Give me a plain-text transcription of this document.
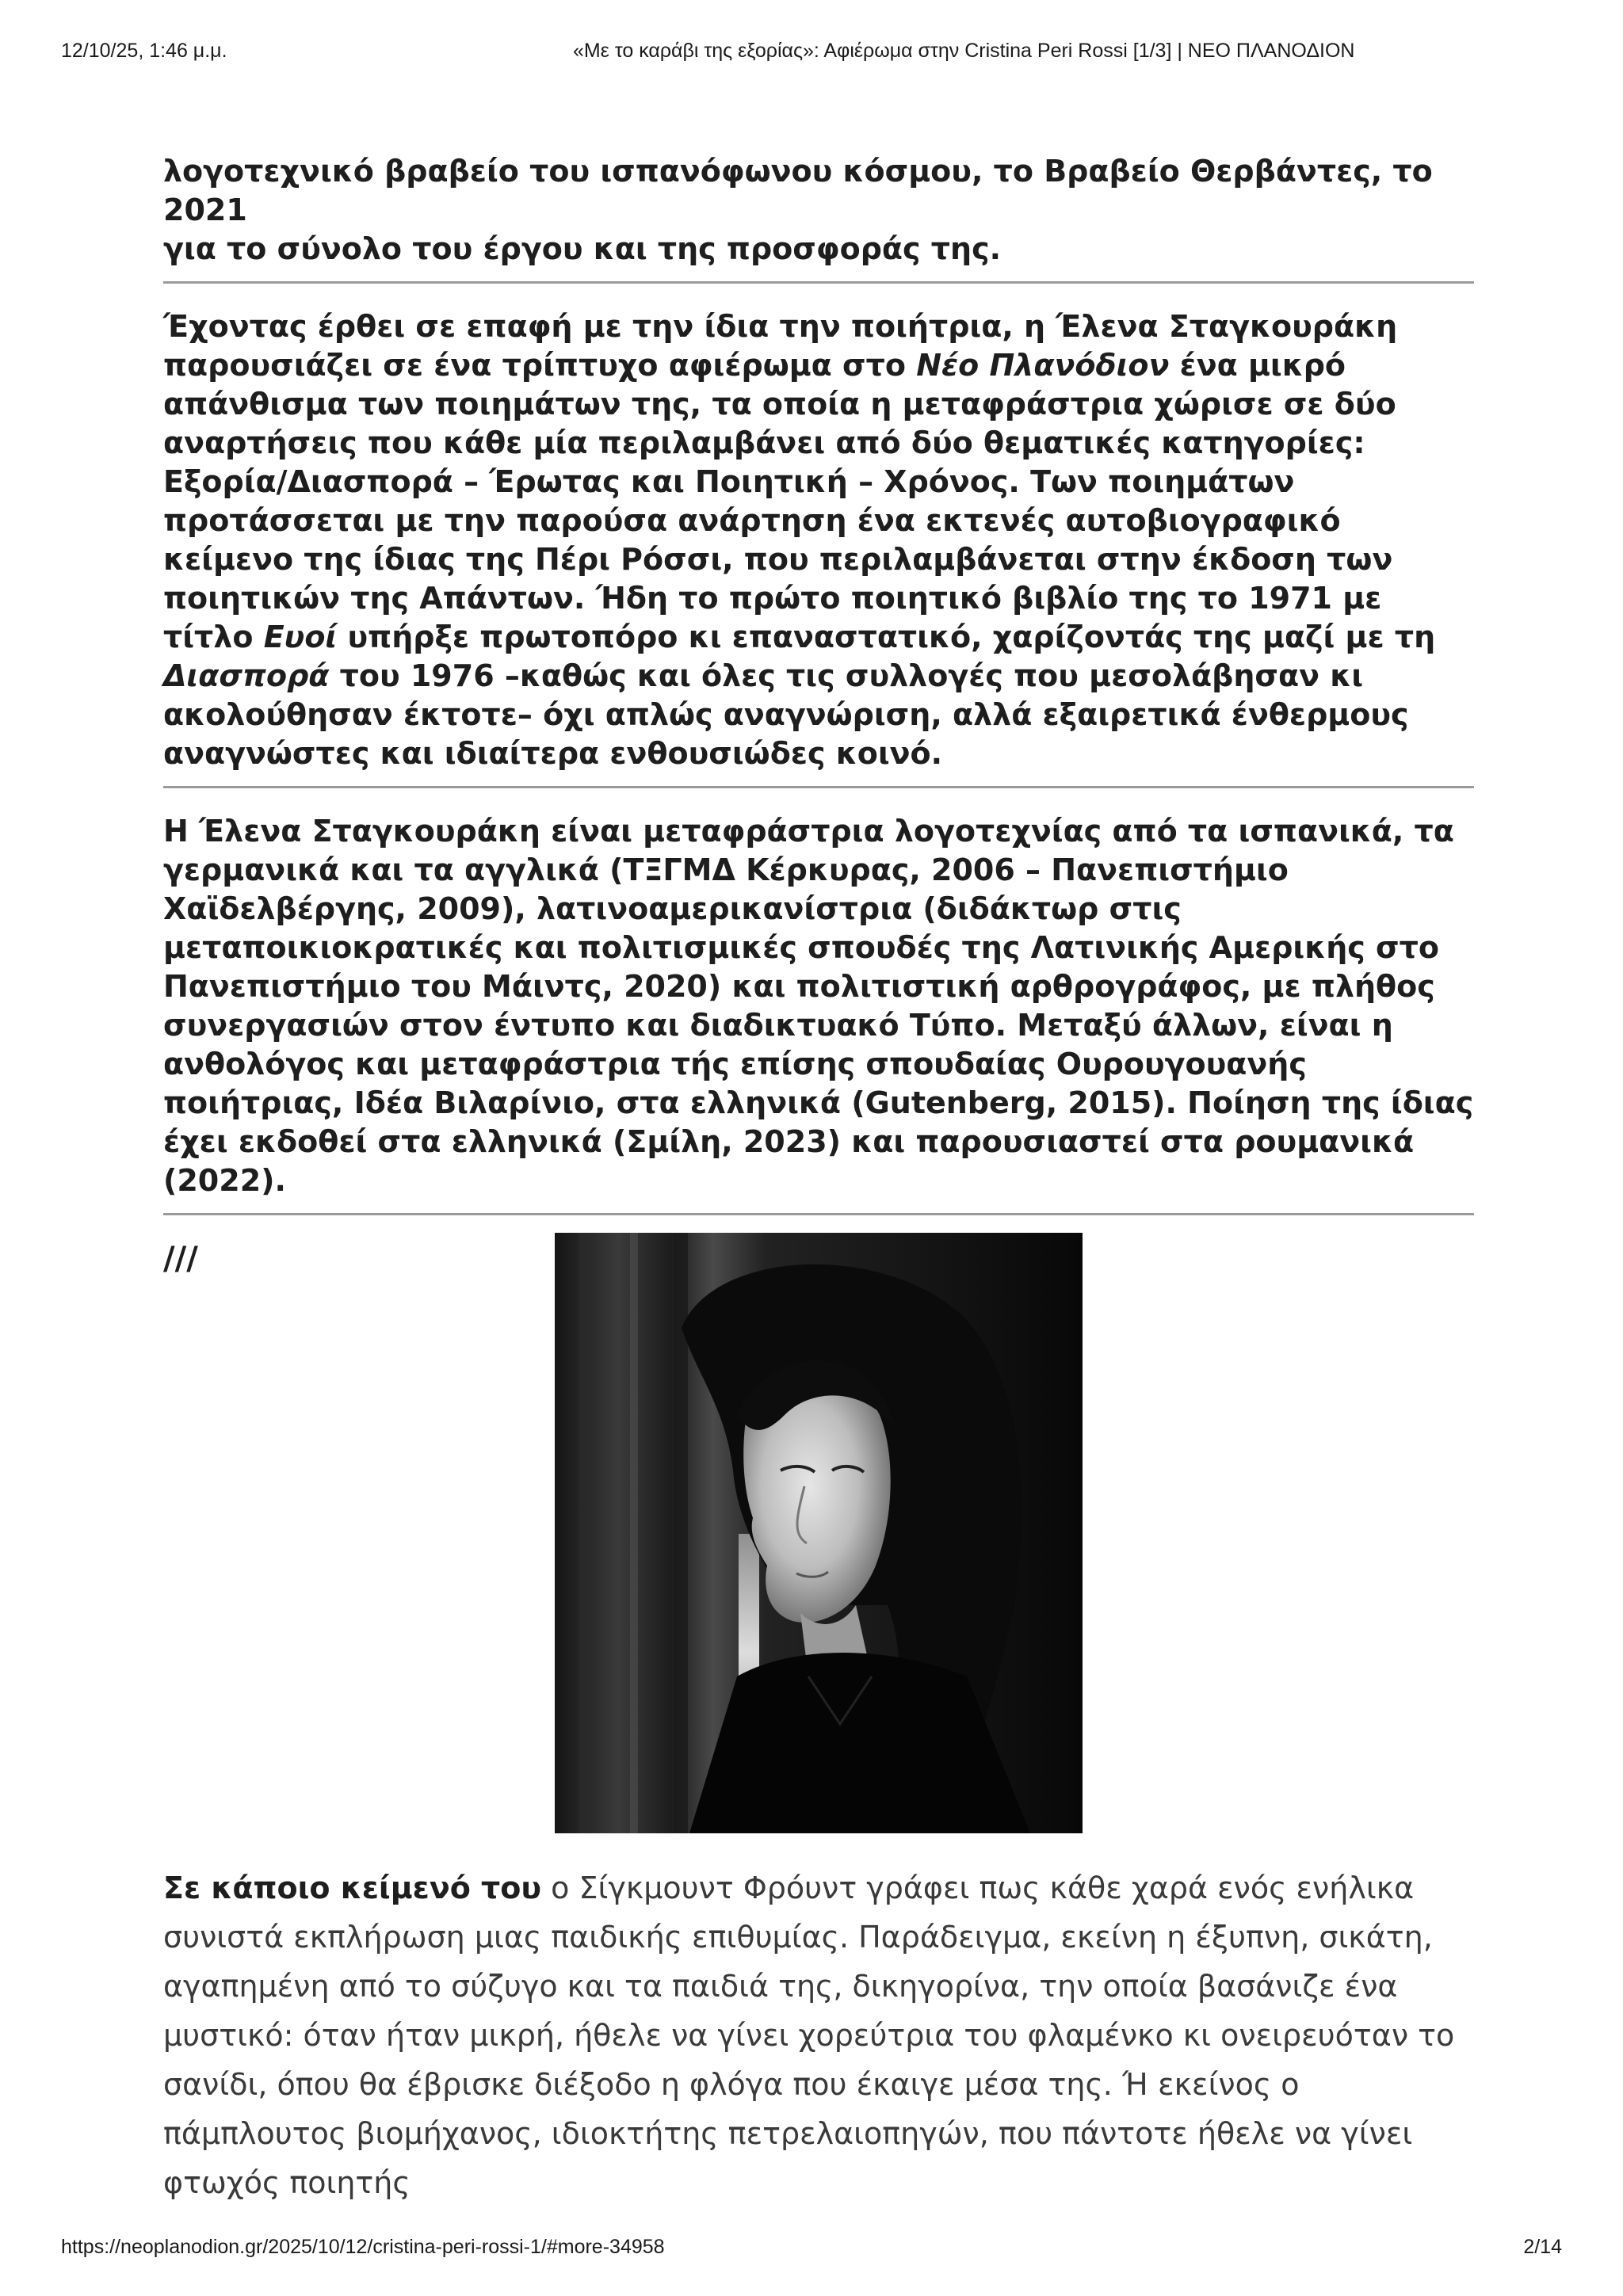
12/10/25, 1:46 μ.μ.	«Με το καράβι της εξορίας»: Αφιέρωμα στην Cristina Peri Rossi [1/3] | ΝΕΟ ΠΛΑΝΟΔΙΟΝ

λογοτεχνικό βραβείο του ισπανόφωνου κόσμου, το Βραβείο Θερβάντες, το 2021
για το σύνολο του έργου και της προσφοράς της.

Έχοντας έρθει σε επαφή με την ίδια την ποιήτρια, η Έλενα Σταγκουράκη παρουσιάζει σε ένα τρίπτυχο αφιέρωμα στο Νέο Πλανόδιον ένα μικρό απάνθισμα των ποιημάτων της, τα οποία η μεταφράστρια χώρισε σε δύο αναρτήσεις που κάθε μία περιλαμβάνει από δύο θεματικές κατηγορίες: Εξορία/Διασπορά – Έρωτας και Ποιητική – Χρόνος. Των ποιημάτων προτάσσεται με την παρούσα ανάρτηση ένα εκτενές αυτοβιογραφικό κείμενο της ίδιας της Πέρι Ρόσσι, που περιλαμβάνεται στην έκδοση των ποιητικών της Απάντων. Ήδη το πρώτο ποιητικό βιβλίο της το 1971 με τίτλο Ευοί υπήρξε πρωτοπόρο κι επαναστατικό, χαρίζοντάς της μαζί με τη Διασπορά του 1976 –καθώς και όλες τις συλλογές που μεσολάβησαν κι ακολούθησαν έκτοτε– όχι απλώς αναγνώριση, αλλά εξαιρετικά ένθερμους αναγνώστες και ιδιαίτερα ενθουσιώδες κοινό.

Η Έλενα Σταγκουράκη είναι μεταφράστρια λογοτεχνίας από τα ισπανικά, τα γερμανικά και τα αγγλικά (ΤΞΓΜΔ Κέρκυρας, 2006 – Πανεπιστήμιο Χαϊδελβέργης, 2009), λατινοαμερικανίστρια (διδάκτωρ στις μεταποικιοκρατικές και πολιτισμικές σπουδές της Λατινικής Αμερικής στο Πανεπιστήμιο του Μάιντς, 2020) και πολιτιστική αρθρογράφος, με πλήθος συνεργασιών στον έντυπο και διαδικτυακό Τύπο. Μεταξύ άλλων, είναι η ανθολόγος και μεταφράστρια τής επίσης σπουδαίας Ουρουγουανής ποιήτριας, Ιδέα Βιλαρίνιο, στα ελληνικά (Gutenberg, 2015). Ποίηση της ίδιας έχει εκδοθεί στα ελληνικά (Σμίλη, 2023) και παρουσιαστεί στα ρουμανικά (2022).

///

Σε κάποιο κείμενό του ο Σίγκμουντ Φρόυντ γράφει πως κάθε χαρά ενός ενήλικα συνιστά εκπλήρωση μιας παιδικής επιθυμίας. Παράδειγμα, εκείνη η έξυπνη, σικάτη, αγαπημένη από το σύζυγο και τα παιδιά της, δικηγορίνα, την οποία βασάνιζε ένα μυστικό: όταν ήταν μικρή, ήθελε να γίνει χορεύτρια του φλαμένκο κι ονειρευόταν το σανίδι, όπου θα έβρισκε διέξοδο η φλόγα που έκαιγε μέσα της. Ή εκείνος ο πάμπλουτος βιομήχανος, ιδιοκτήτης πετρελαιοπηγών, που πάντοτε ήθελε να γίνει φτωχός ποιητής

https://neoplanodion.gr/2025/10/12/cristina-peri-rossi-1/#more-34958	2/14
